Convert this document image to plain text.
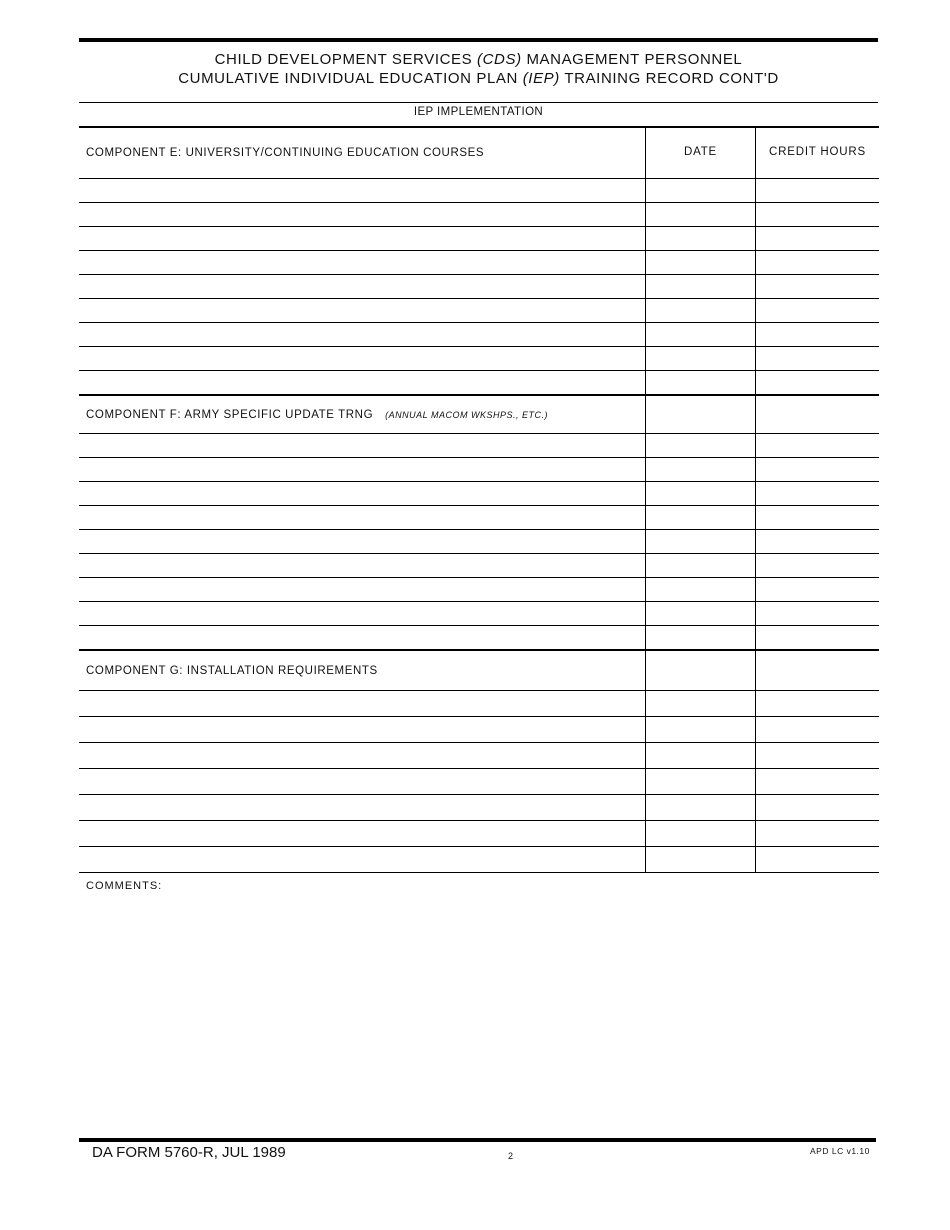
CHILD DEVELOPMENT SERVICES (CDS) MANAGEMENT PERSONNEL
CUMULATIVE INDIVIDUAL EDUCATION PLAN (IEP) TRAINING RECORD CONT'D
IEP IMPLEMENTATION
COMPONENT E: UNIVERSITY/CONTINUING EDUCATION COURSES	DATE	CREDIT HOURS
COMPONENT F: ARMY SPECIFIC UPDATE TRNG (ANNUAL MACOM WKSHPS., ETC.)
COMPONENT G: INSTALLATION REQUIREMENTS
COMMENTS:
DA FORM 5760-R, JUL 1989	2	APD LC v1.10
